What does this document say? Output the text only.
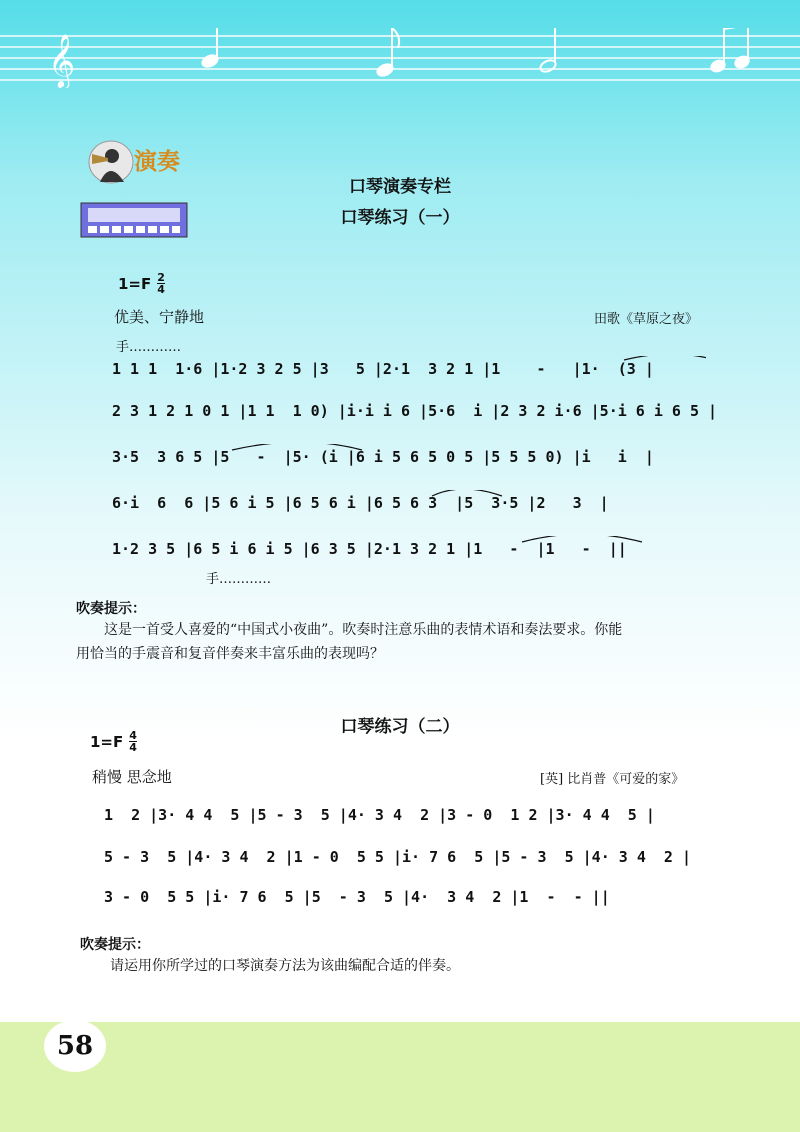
𝄞
演奏
口琴演奏专栏
口琴练习（一）
$1=F \frac{2}{4}$
优美、宁静地	田歌《草原之夜》
手…………
1 1 1  1·6 |1·2 3 2 5 |3   5 |2·1  3 2 1 |1    -   |1·  (3 |
2 3 1 2 1 0 1 |1 1  1 0) |i·i i 6 |5·6  i |2 3 2 i·6 |5·i 6 i 6 5 |
3·5  3 6 5 |5   -  |5· (i |6 i 5 6 5 0 5 |5 5 5 0) |i   i  |
6·i  6  6 |5 6 i 5 |6 5 6 i |6 5 6 3  |5  3·5 |2   3  |
1·2 3 5 |6 5 i 6 i 5 |6 3 5 |2·1 3 2 1 |1   -  |1   -  ||
手…………
吹奏提示：
这是一首受人喜爱的“中国式小夜曲”。吹奏时注意乐曲的表情术语和奏法要求。你能
用恰当的手震音和复音伴奏来丰富乐曲的表现吗？
口琴练习（二）
$1=F \frac{4}{4}$
稍慢 思念地	[英] 比肖普《可爱的家》
1  2 |3· 4 4  5 |5 - 3  5 |4· 3 4  2 |3 - 0  1 2 |3· 4 4  5 |
5 - 3  5 |4· 3 4  2 |1 - 0  5 5 |i· 7 6  5 |5 - 3  5 |4· 3 4  2 |
3 - 0  5 5 |i· 7 6  5 |5  - 3  5 |4·  3 4  2 |1  -  - ||
吹奏提示：
请运用你所学过的口琴演奏方法为该曲编配合适的伴奏。
58
